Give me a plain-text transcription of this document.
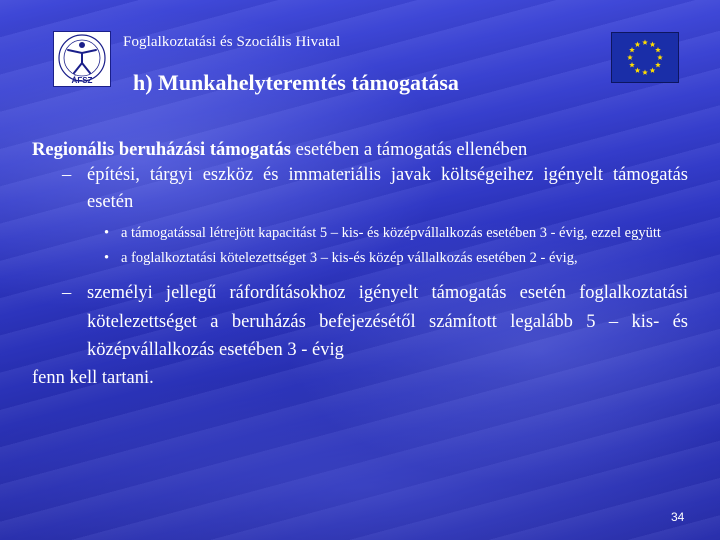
ÁFSZ
Foglalkoztatási és Szociális Hivatal
h) Munkahelyteremtés támogatása

Regionális beruházási támogatás esetében a támogatás ellenében

– építési, tárgyi eszköz és immateriális javak költségeihez igényelt támogatás esetén

• a támogatással létrejött kapacitást 5 – kis- és középvállalkozás esetében 3 - évig, ezzel együtt
• a foglalkoztatási kötelezettséget 3 – kis-és közép vállalkozás esetében 2 - évig,

– személyi jellegű ráfordításokhoz igényelt támogatás esetén foglalkoztatási kötelezettséget a beruházás befejezésétől számított legalább 5 – kis- és középvállalkozás esetében 3 - évig

fenn kell tartani.

34
